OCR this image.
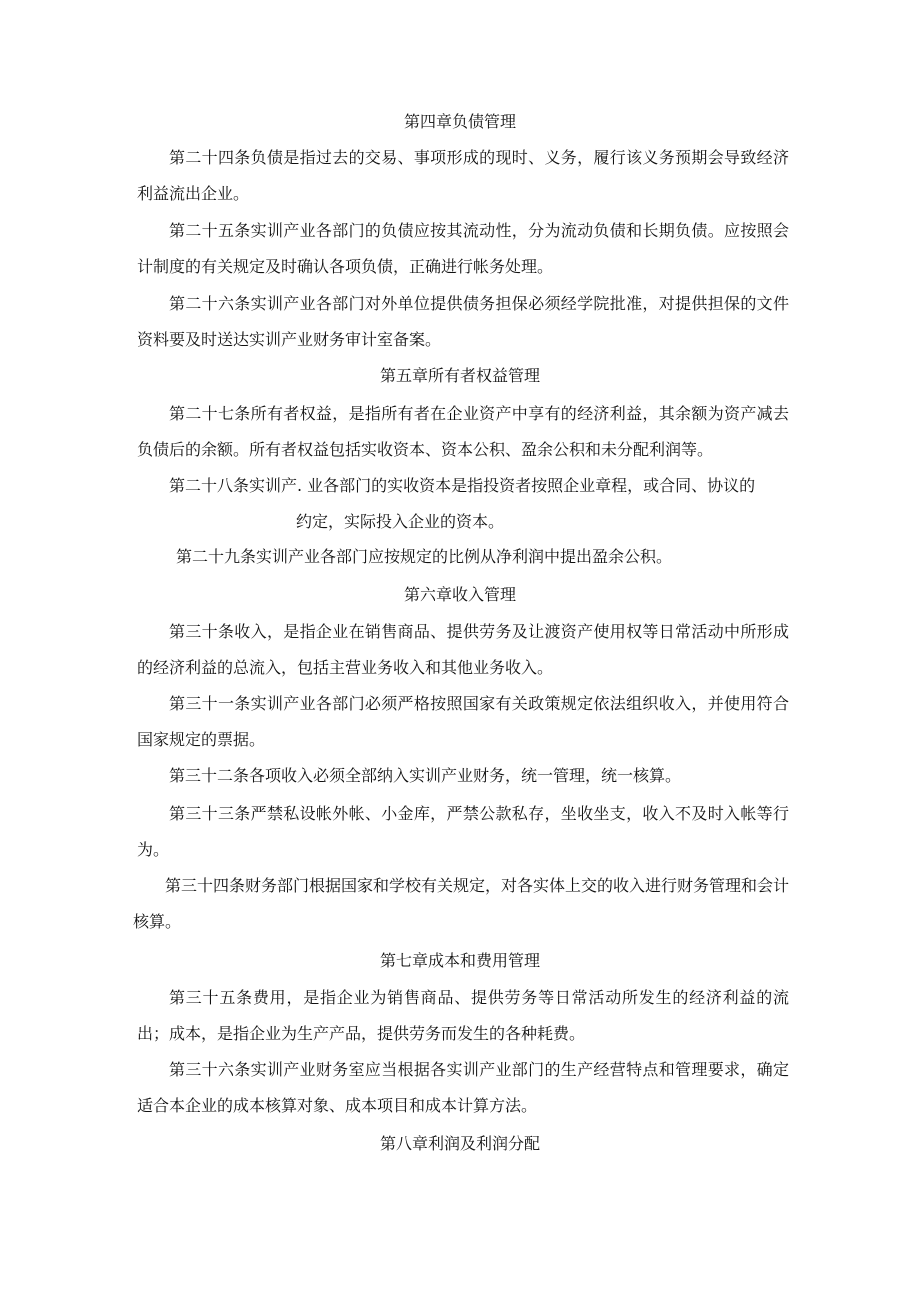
第四章负债管理
第二十四条负债是指过去的交易、事项形成的现时、义务，履行该义务预期会导致经济利益流出企业。
第二十五条实训产业各部门的负债应按其流动性，分为流动负债和长期负债。应按照会计制度的有关规定及时确认各项负债，正确进行帐务处理。
第二十六条实训产业各部门对外单位提供债务担保必须经学院批准，对提供担保的文件资料要及时送达实训产业财务审计室备案。
第五章所有者权益管理
第二十七条所有者权益，是指所有者在企业资产中享有的经济利益，其余额为资产减去负债后的余额。所有者权益包括实收资本、资本公积、盈余公积和未分配利润等。
第二十八条实训产. 业各部门的实收资本是指投资者按照企业章程，或合同、协议的
约定，实际投入企业的资本。
第二十九条实训产业各部门应按规定的比例从净利润中提出盈余公积。
第六章收入管理
第三十条收入，是指企业在销售商品、提供劳务及让渡资产使用权等日常活动中所形成的经济利益的总流入，包括主营业务收入和其他业务收入。
第三十一条实训产业各部门必须严格按照国家有关政策规定依法组织收入，并使用符合国家规定的票据。
第三十二条各项收入必须全部纳入实训产业财务，统一管理，统一核算。
第三十三条严禁私设帐外帐、小金库，严禁公款私存，坐收坐支，收入不及时入帐等行为。
第三十四条财务部门根据国家和学校有关规定，对各实体上交的收入进行财务管理和会计核算。
第七章成本和费用管理
第三十五条费用，是指企业为销售商品、提供劳务等日常活动所发生的经济利益的流出；成本，是指企业为生产产品，提供劳务而发生的各种耗费。
第三十六条实训产业财务室应当根据各实训产业部门的生产经营特点和管理要求，确定适合本企业的成本核算对象、成本项目和成本计算方法。
第八章利润及利润分配
